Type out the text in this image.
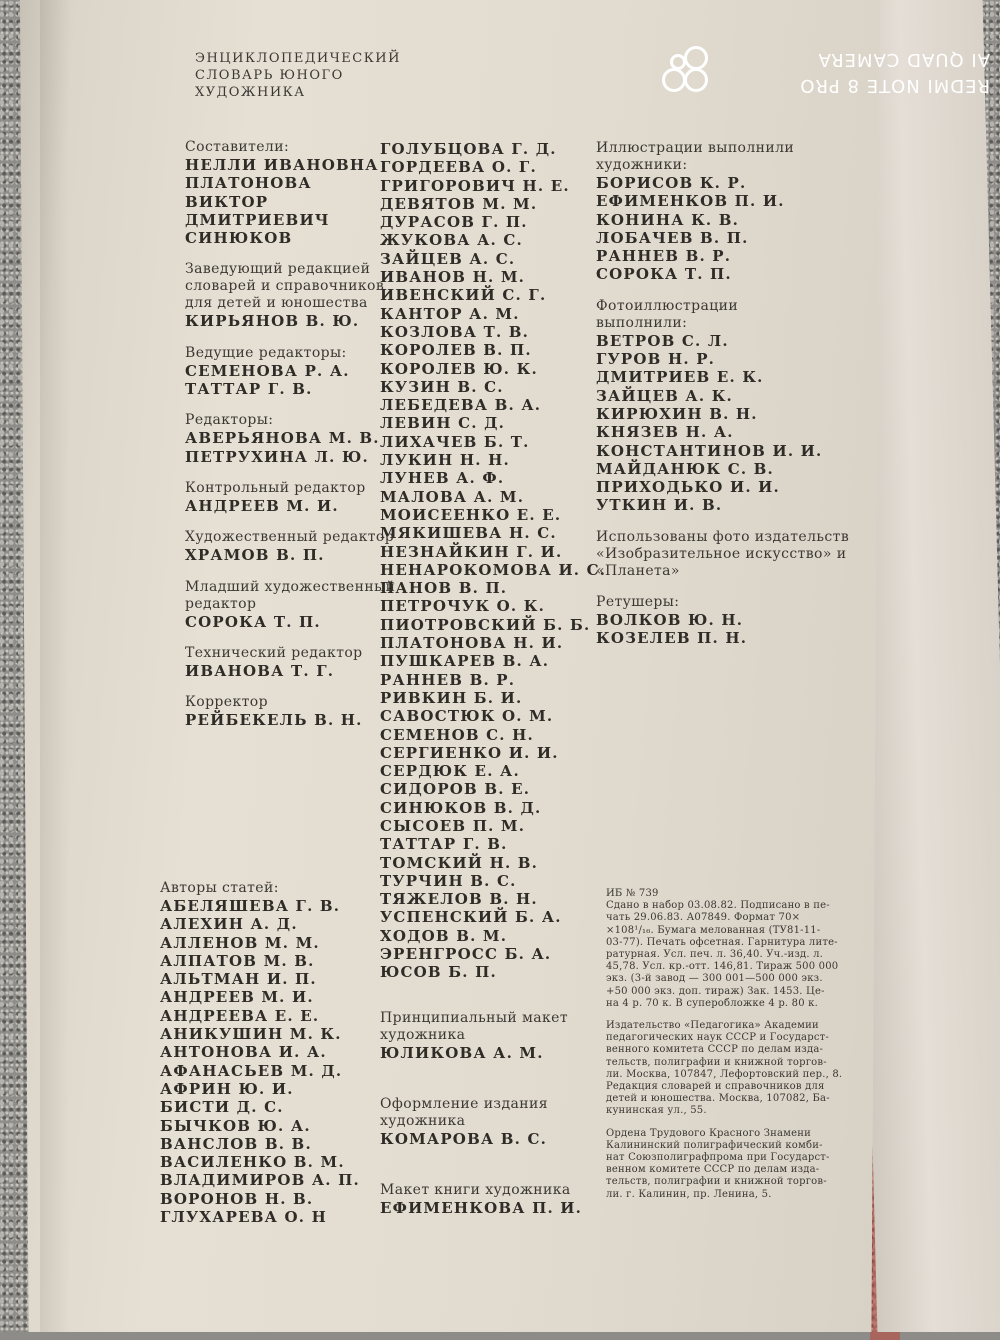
REDMI NOTE 8 PRO
AI QUAD CAMERA
ЭНЦИКЛОПЕДИЧЕСКИЙ
СЛОВАРЬ ЮНОГО
ХУДОЖНИКА
Составители:
НЕЛЛИ ИВАНОВНА
ПЛАТОНОВА
ВИКТОР ДМИТРИЕВИЧ
СИНЮКОВ
Заведующий редакцией
словарей и справочников
для детей и юношества
КИРЬЯНОВ В. Ю.
Ведущие редакторы:
СЕМЕНОВА Р. А.
ТАТТАР Г. В.
Редакторы:
АВЕРЬЯНОВА М. В.
ПЕТРУХИНА Л. Ю.
Контрольный редактор
АНДРЕЕВ М. И.
Художественный редактор
ХРАМОВ В. П.
Младший художественный
редактор
СОРОКА Т. П.
Технический редактор
ИВАНОВА Т. Г.
Корректор
РЕЙБЕКЕЛЬ В. Н.
Авторы статей:
АБЕЛЯШЕВА Г. В.
АЛЕХИН А. Д.
АЛЛЕНОВ М. М.
АЛПАТОВ М. В.
АЛЬТМАН И. П.
АНДРЕЕВ М. И.
АНДРЕЕВА Е. Е.
АНИКУШИН М. К.
АНТОНОВА И. А.
АФАНАСЬЕВ М. Д.
АФРИН Ю. И.
БИСТИ Д. С.
БЫЧКОВ Ю. А.
ВАНСЛОВ В. В.
ВАСИЛЕНКО В. М.
ВЛАДИМИРОВ А. П.
ВОРОНОВ Н. В.
ГЛУХАРЕВА О. Н
ГОЛУБЦОВА Г. Д.
ГОРДЕЕВА О. Г.
ГРИГОРОВИЧ Н. Е.
ДЕВЯТОВ М. М.
ДУРАСОВ Г. П.
ЖУКОВА А. С.
ЗАЙЦЕВ А. С.
ИВАНОВ Н. М.
ИВЕНСКИЙ С. Г.
КАНТОР А. М.
КОЗЛОВА Т. В.
КОРОЛЕВ В. П.
КОРОЛЕВ Ю. К.
КУЗИН В. С.
ЛЕБЕДЕВА В. А.
ЛЕВИН С. Д.
ЛИХАЧЕВ Б. Т.
ЛУКИН Н. Н.
ЛУНЕВ А. Ф.
МАЛОВА А. М.
МОИСЕЕНКО Е. Е.
МЯКИШЕВА Н. С.
НЕЗНАЙКИН Г. И.
НЕНАРОКОМОВА И. С.
ПАНОВ В. П.
ПЕТРОЧУК О. К.
ПИОТРОВСКИЙ Б. Б.
ПЛАТОНОВА Н. И.
ПУШКАРЕВ В. А.
РАННЕВ В. Р.
РИВКИН Б. И.
САВОСТЮК О. М.
СЕМЕНОВ С. Н.
СЕРГИЕНКО И. И.
СЕРДЮК Е. А.
СИДОРОВ В. Е.
СИНЮКОВ В. Д.
СЫСОЕВ П. М.
ТАТТАР Г. В.
ТОМСКИЙ Н. В.
ТУРЧИН В. С.
ТЯЖЕЛОВ В. Н.
УСПЕНСКИЙ Б. А.
ХОДОВ В. М.
ЭРЕНГРОСС Б. А.
ЮСОВ Б. П.
Принципиальный макет
художника
ЮЛИКОВА А. М.
Оформление издания
художника
КОМАРОВА В. С.
Макет книги художника
ЕФИМЕНКОВА П. И.
Иллюстрации выполнили
художники:
БОРИСОВ К. Р.
ЕФИМЕНКОВ П. И.
КОНИНА К. В.
ЛОБАЧЕВ В. П.
РАННЕВ В. Р.
СОРОКА Т. П.
Фотоиллюстрации
выполнили:
ВЕТРОВ С. Л.
ГУРОВ Н. Р.
ДМИТРИЕВ Е. К.
ЗАЙЦЕВ А. К.
КИРЮХИН В. Н.
КНЯЗЕВ Н. А.
КОНСТАНТИНОВ И. И.
МАЙДАНЮК С. В.
ПРИХОДЬКО И. И.
УТКИН И. В.
Использованы фото издательств
«Изобразительное искусство» и
«Планета»
Ретушеры:
ВОЛКОВ Ю. Н.
КОЗЕЛЕВ П. Н.
ИБ № 739
Сдано в набор 03.08.82. Подписано в пе-
чать 29.06.83. А07849. Формат 70×
×108¹/₁₆. Бумага мелованная (ТУ81-11-
03-77). Печать офсетная. Гарнитура лите-
ратурная. Усл. печ. л. 36,40. Уч.-изд. л.
45,78. Усл. кр.-отт. 146,81. Тираж 500 000
экз. (3-й завод — 300 001—500 000 экз.
+50 000 экз. доп. тираж) Зак. 1453. Це-
на 4 р. 70 к. В суперобложке 4 р. 80 к.
Издательство «Педагогика» Академии
педагогических наук СССР и Государст-
венного комитета СССР по делам изда-
тельств, полиграфии и книжной торгов-
ли. Москва, 107847, Лефортовский пер., 8.
Редакция словарей и справочников для
детей и юношества. Москва, 107082, Ба-
кунинская ул., 55.
Ордена Трудового Красного Знамени
Калининский полиграфический комби-
нат Союзполиграфпрома при Государст-
венном комитете СССР по делам изда-
тельств, полиграфии и книжной торгов-
ли. г. Калинин, пр. Ленина, 5.
